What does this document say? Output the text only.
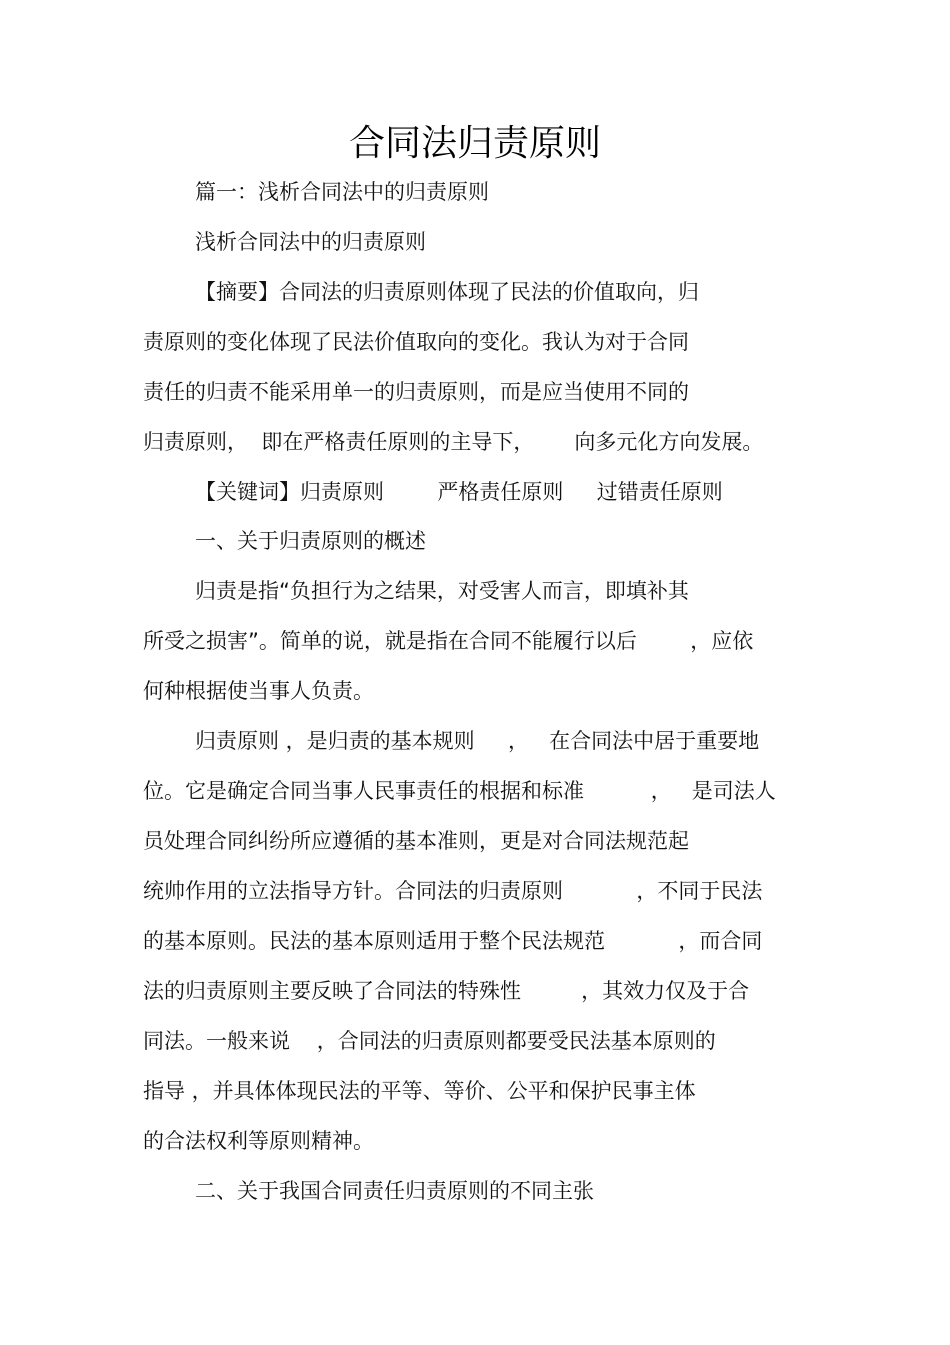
合同法归责原则
篇一：浅析合同法中的归责原则
浅析合同法中的归责原则
【摘要】合同法的归责原则体现了民法的价值取向，归
责原则的变化体现了民法价值取向的变化。我认为对于合同
责任的归责不能采用单一的归责原则，而是应当使用不同的
归责原则，  即在严格责任原则的主导下，      向多元化方向发展。
【关键词】归责原则        严格责任原则     过错责任原则
一、关于归责原则的概述
归责是指“负担行为之结果，对受害人而言，即填补其
所受之损害”。简单的说，就是指在合同不能履行以后        ，应依
何种根据使当事人负责。
归责原则 ，是归责的基本规则     ，   在合同法中居于重要地
位。它是确定合同当事人民事责任的根据和标准          ，   是司法人
员处理合同纠纷所应遵循的基本准则，更是对合同法规范起
统帅作用的立法指导方针。合同法的归责原则           ，不同于民法
的基本原则。民法的基本原则适用于整个民法规范           ，而合同
法的归责原则主要反映了合同法的特殊性         ，其效力仅及于合
同法。一般来说    ，合同法的归责原则都要受民法基本原则的
指导 ，并具体体现民法的平等、等价、公平和保护民事主体
的合法权利等原则精神。
二、关于我国合同责任归责原则的不同主张
